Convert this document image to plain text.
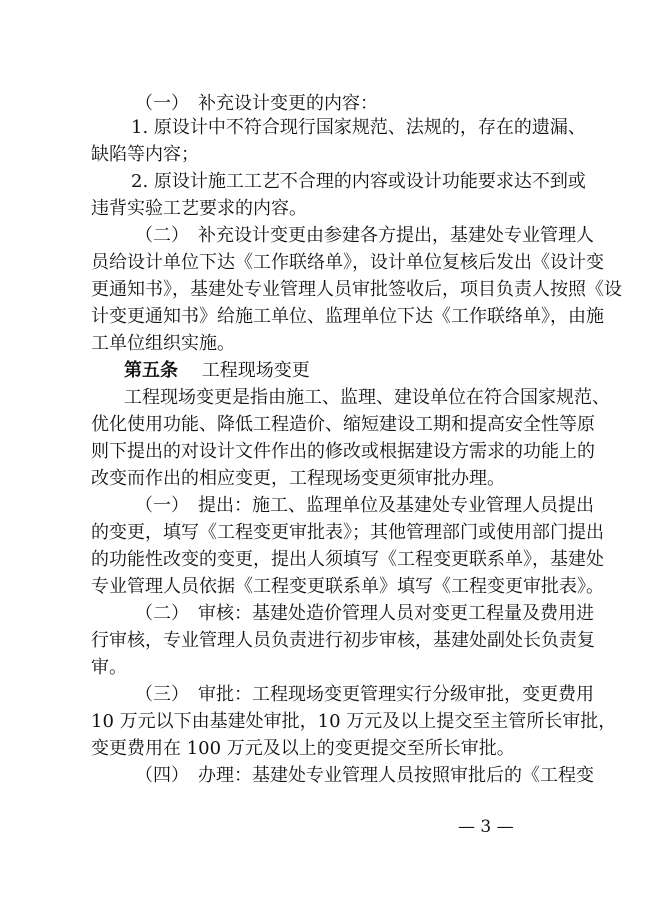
（一）　补充设计变更的内容：
1. 原设计中不符合现行国家规范、法规的，存在的遗漏、
缺陷等内容；
2. 原设计施工工艺不合理的内容或设计功能要求达不到或
违背实验工艺要求的内容。
（二）　补充设计变更由参建各方提出，基建处专业管理人
员给设计单位下达《工作联络单》，设计单位复核后发出《设计变
更通知书》，基建处专业管理人员审批签收后，项目负责人按照《设
计变更通知书》给施工单位、监理单位下达《工作联络单》，由施
工单位组织实施。
第五条 　工程现场变更
工程现场变更是指由施工、监理、建设单位在符合国家规范、
优化使用功能、降低工程造价、缩短建设工期和提高安全性等原
则下提出的对设计文件作出的修改或根据建设方需求的功能上的
改变而作出的相应变更，工程现场变更须审批办理。
（一）　提出：施工、监理单位及基建处专业管理人员提出
的变更，填写《工程变更审批表》；其他管理部门或使用部门提出
的功能性改变的变更，提出人须填写《工程变更联系单》，基建处
专业管理人员依据《工程变更联系单》填写《工程变更审批表》。
（二）　审核：基建处造价管理人员对变更工程量及费用进
行审核，专业管理人员负责进行初步审核，基建处副处长负责复
审。
（三）　审批：工程现场变更管理实行分级审批，变更费用
10 万元以下由基建处审批，10 万元及以上提交至主管所长审批，
变更费用在 100 万元及以上的变更提交至所长审批。
（四）　办理：基建处专业管理人员按照审批后的《工程变
— 3 —
